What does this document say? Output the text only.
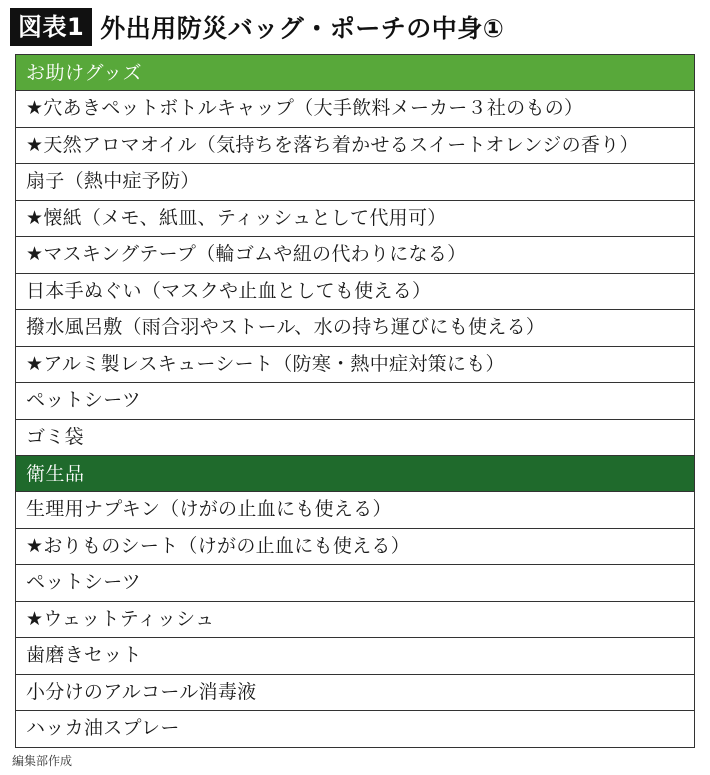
図表1 外出用防災バッグ・ポーチの中身①
お助けグッズ
★穴あきペットボトルキャップ（大手飲料メーカー３社のもの）
★天然アロマオイル（気持ちを落ち着かせるスイートオレンジの香り）
扇子（熱中症予防）
★懐紙（メモ、紙皿、ティッシュとして代用可）
★マスキングテープ（輪ゴムや紐の代わりになる）
日本手ぬぐい（マスクや止血としても使える）
撥水風呂敷（雨合羽やストール、水の持ち運びにも使える）
★アルミ製レスキューシート（防寒・熱中症対策にも）
ペットシーツ
ゴミ袋
衛生品
生理用ナプキン（けがの止血にも使える）
★おりものシート（けがの止血にも使える）
ペットシーツ
★ウェットティッシュ
歯磨きセット
小分けのアルコール消毒液
ハッカ油スプレー
編集部作成
